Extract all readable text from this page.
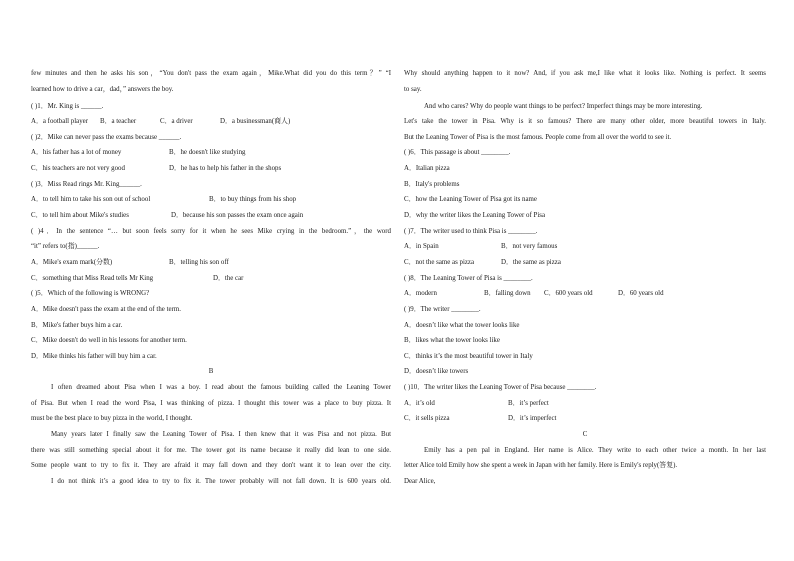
few minutes and then he asks his son，“You don't pass the exam again，Mike.What did you do this term？” “I
learned how to drive a car，dad，” answers the boy.
( )1．Mr. King is ______.
A．a football player B．a teacher	C．a driver	D．a businessman(商人)
( )2．Mike can never pass the exams because ______.
A．his father has a lot of money	B．he doesn't like studying
C．his teachers are not very good	D．he has to help his father in the shops
( )3．Miss Read rings Mr. King______.
A．to tell him to take his son out of school	B．to buy things from his shop
C．to tell him about Mike's studies	D．because his son passes the exam once again
( )4．In the sentence “… but soon feels sorry for it when he sees Mike crying in the bedroom.”，the word
“it” refers to(指)______.
A．Mike's exam mark(分数)	B．telling his son off
C．something that Miss Read tells Mr King	D．the car
( )5．Which of the following is WRONG?
A．Mike doesn't pass the exam at the end of the term.
B．Mike's father buys him a car.
C．Mike doesn't do well in his lessons for another term.
D．Mike thinks his father will buy him a car.
B
I often dreamed about Pisa when I was a boy. I read about the famous building called the Leaning Tower
of Pisa. But when I read the word Pisa, I was thinking of pizza. I thought this tower was a place to buy pizza. It
must be the best place to buy pizza in the world, I thought.
Many years later I finally saw the Leaning Tower of Pisa. I then knew that it was Pisa and not pizza. But
there was still something special about it for me. The tower got its name because it really did lean to one side.
Some people want to try to fix it. They are afraid it may fall down and they don't want it to lean over the city.
I do not think it’s a good idea to try to fix it. The tower probably will not fall down. It is 600 years old.
Why should anything happen to it now? And, if you ask me,I like what it looks like. Nothing is perfect. It seems
to say.
And who cares? Why do people want things to be perfect? Imperfect things may be more interesting.
Let's take the tower in Pisa. Why is it so famous? There are many other older, more beautiful towers in Italy.
But the Leaning Tower of Pisa is the most famous. People come from all over the world to see it.
( )6．This passage is about ________.
A．Italian pizza
B．Italy's problems
C．how the Leaning Tower of Pisa got its name
D．why the writer likes the Leaning Tower of Pisa
( )7．The writer used to think Pisa is ________.
A．in Spain	B．not very famous
C．not the same as pizza	D．the same as pizza
( )8．The Leaning Tower of Pisa is ________.
A．modern	B．falling down C．600 years old	D．60 years old
( )9．The writer ________.
A．doesn’t like what the tower looks like
B．likes what the tower looks like
C．thinks it’s the most beautiful tower in Italy
D．doesn’t like towers
( )10．The writer likes the Leaning Tower of Pisa because ________.
A．it’s old	B．it’s perfect
C．it sells pizza	D．it’s imperfect
C
Emily has a pen pal in England. Her name is Alice. They write to each other twice a month. In her last
letter Alice told Emily how she spent a week in Japan with her family. Here is Emily's reply(答复).
Dear Alice,
